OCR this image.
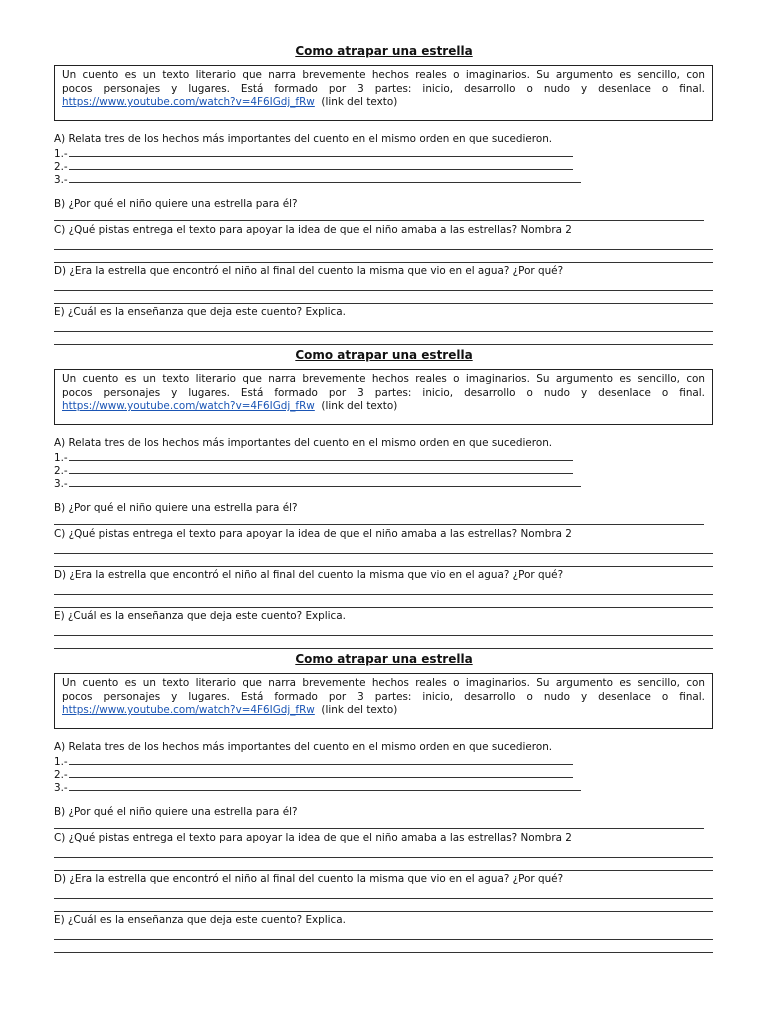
Como atrapar una estrella
Un cuento es un texto literario que narra brevemente hechos reales o imaginarios. Su argumento es sencillo, con
pocos personajes y lugares. Está formado por 3 partes: inicio, desarrollo o nudo y desenlace o final.
https://www.youtube.com/watch?v=4F6IGdj_fRw (link del texto)
A) Relata tres de los hechos más importantes del cuento en el mismo orden en que sucedieron.
1.-
2.-
3.-
B) ¿Por qué el niño quiere una estrella para él?
C) ¿Qué pistas entrega el texto para apoyar la idea de que el niño amaba a las estrellas? Nombra 2
D) ¿Era la estrella que encontró el niño al final del cuento la misma que vio en el agua? ¿Por qué?
E) ¿Cuál es la enseñanza que deja este cuento? Explica.
Como atrapar una estrella
Un cuento es un texto literario que narra brevemente hechos reales o imaginarios. Su argumento es sencillo, con
pocos personajes y lugares. Está formado por 3 partes: inicio, desarrollo o nudo y desenlace o final.
https://www.youtube.com/watch?v=4F6IGdj_fRw (link del texto)
A) Relata tres de los hechos más importantes del cuento en el mismo orden en que sucedieron.
1.-
2.-
3.-
B) ¿Por qué el niño quiere una estrella para él?
C) ¿Qué pistas entrega el texto para apoyar la idea de que el niño amaba a las estrellas? Nombra 2
D) ¿Era la estrella que encontró el niño al final del cuento la misma que vio en el agua? ¿Por qué?
E) ¿Cuál es la enseñanza que deja este cuento? Explica.
Como atrapar una estrella
Un cuento es un texto literario que narra brevemente hechos reales o imaginarios. Su argumento es sencillo, con
pocos personajes y lugares. Está formado por 3 partes: inicio, desarrollo o nudo y desenlace o final.
https://www.youtube.com/watch?v=4F6IGdj_fRw (link del texto)
A) Relata tres de los hechos más importantes del cuento en el mismo orden en que sucedieron.
1.-
2.-
3.-
B) ¿Por qué el niño quiere una estrella para él?
C) ¿Qué pistas entrega el texto para apoyar la idea de que el niño amaba a las estrellas? Nombra 2
D) ¿Era la estrella que encontró el niño al final del cuento la misma que vio en el agua? ¿Por qué?
E) ¿Cuál es la enseñanza que deja este cuento? Explica.
